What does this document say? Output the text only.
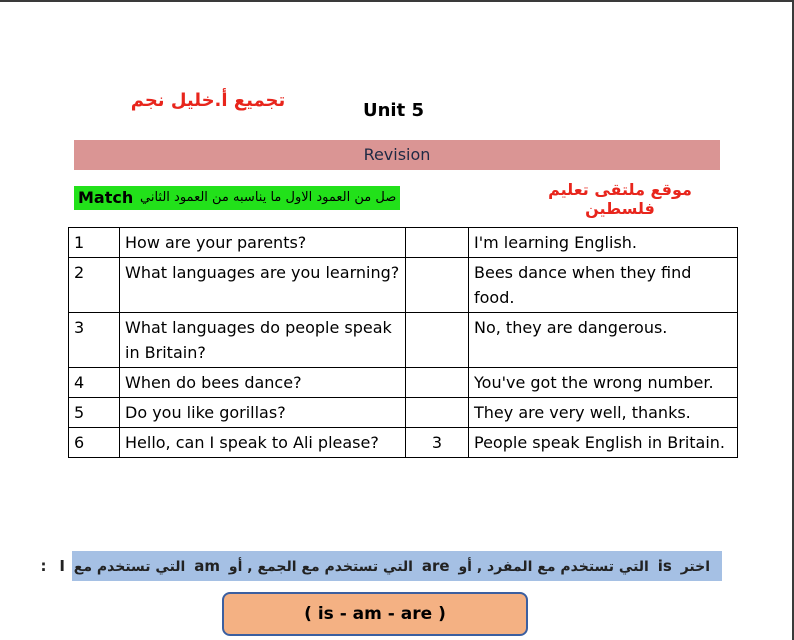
تجميع أ.خليل نجم	Unit 5
Revision
Match صل من العمود الاول ما يناسبه من العمود الثاني	موقع ملتقى تعليم فلسطين
1	How are your parents?		I'm learning English.
2	What languages are you learning?		Bees dance when they find food.
3	What languages do people speak in Britain?		No, they are dangerous.
4	When do bees dance?		You've got the wrong number.
5	Do you like gorillas?		They are very well, thanks.
6	Hello, can I speak to Ali please?	3	People speak English in Britain.
اختر is التي تستخدم مع المفرد , أو are التي تستخدم مع الجمع , أو am التي تستخدم مع I :
( is - am - are )
